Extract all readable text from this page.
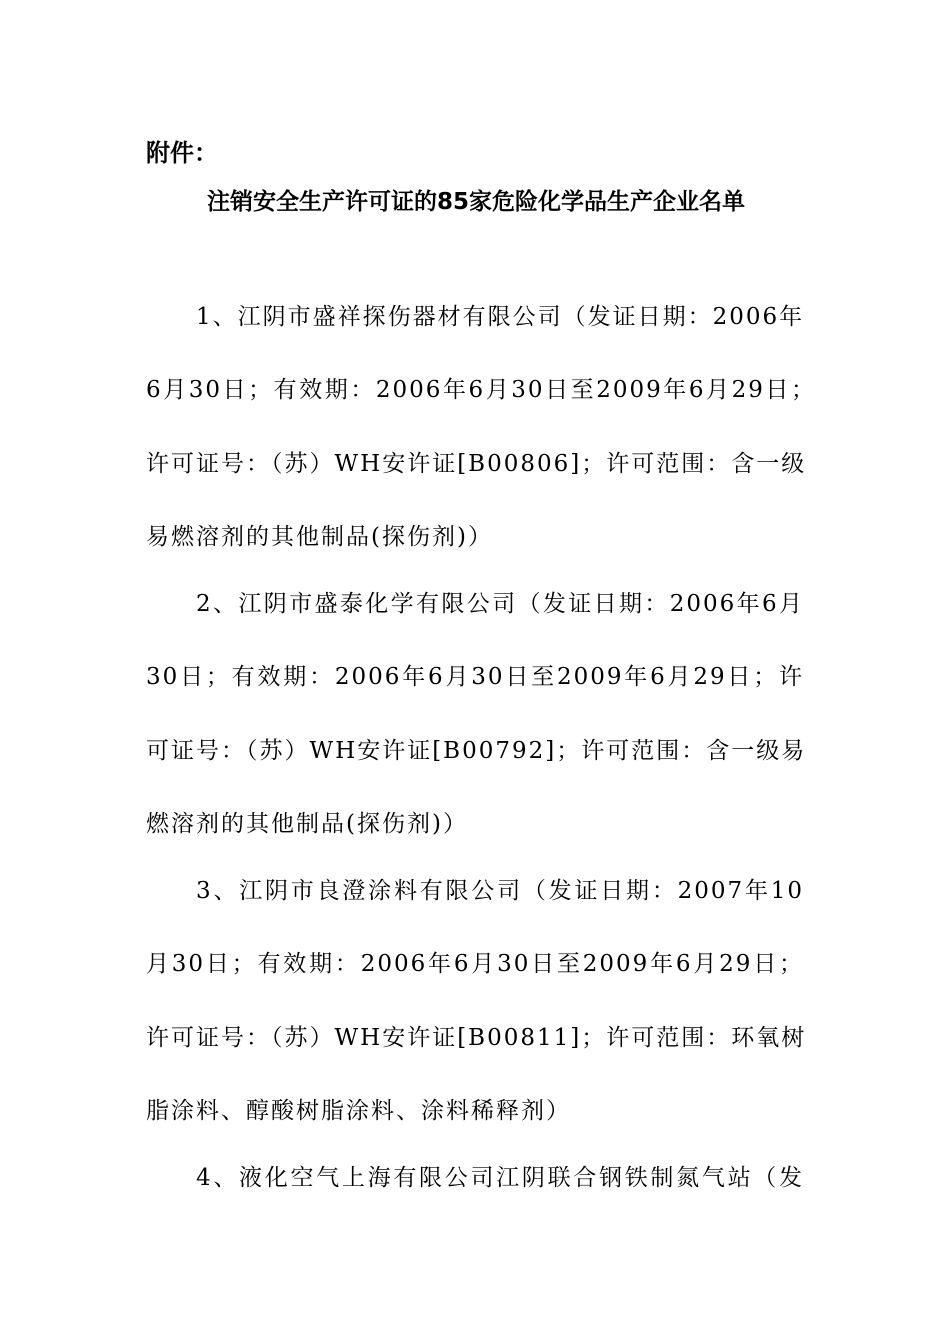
附件：

注销安全生产许可证的85家危险化学品生产企业名单

1、江阴市盛祥探伤器材有限公司（发证日期：2006年

6月30日；有效期：2006年6月30日至2009年6月29日；

许可证号：（苏）WH安许证[B00806]；许可范围：含一级

易燃溶剂的其他制品(探伤剂)）

2、江阴市盛泰化学有限公司（发证日期：2006年6月

30日；有效期：2006年6月30日至2009年6月29日；许

可证号：（苏）WH安许证[B00792]；许可范围：含一级易

燃溶剂的其他制品(探伤剂)）

3、江阴市良澄涂料有限公司（发证日期：2007年10

月30日；有效期：2006年6月30日至2009年6月29日；

许可证号：（苏）WH安许证[B00811]；许可范围：环氧树

脂涂料、醇酸树脂涂料、涂料稀释剂）

4、液化空气上海有限公司江阴联合钢铁制氮气站（发
